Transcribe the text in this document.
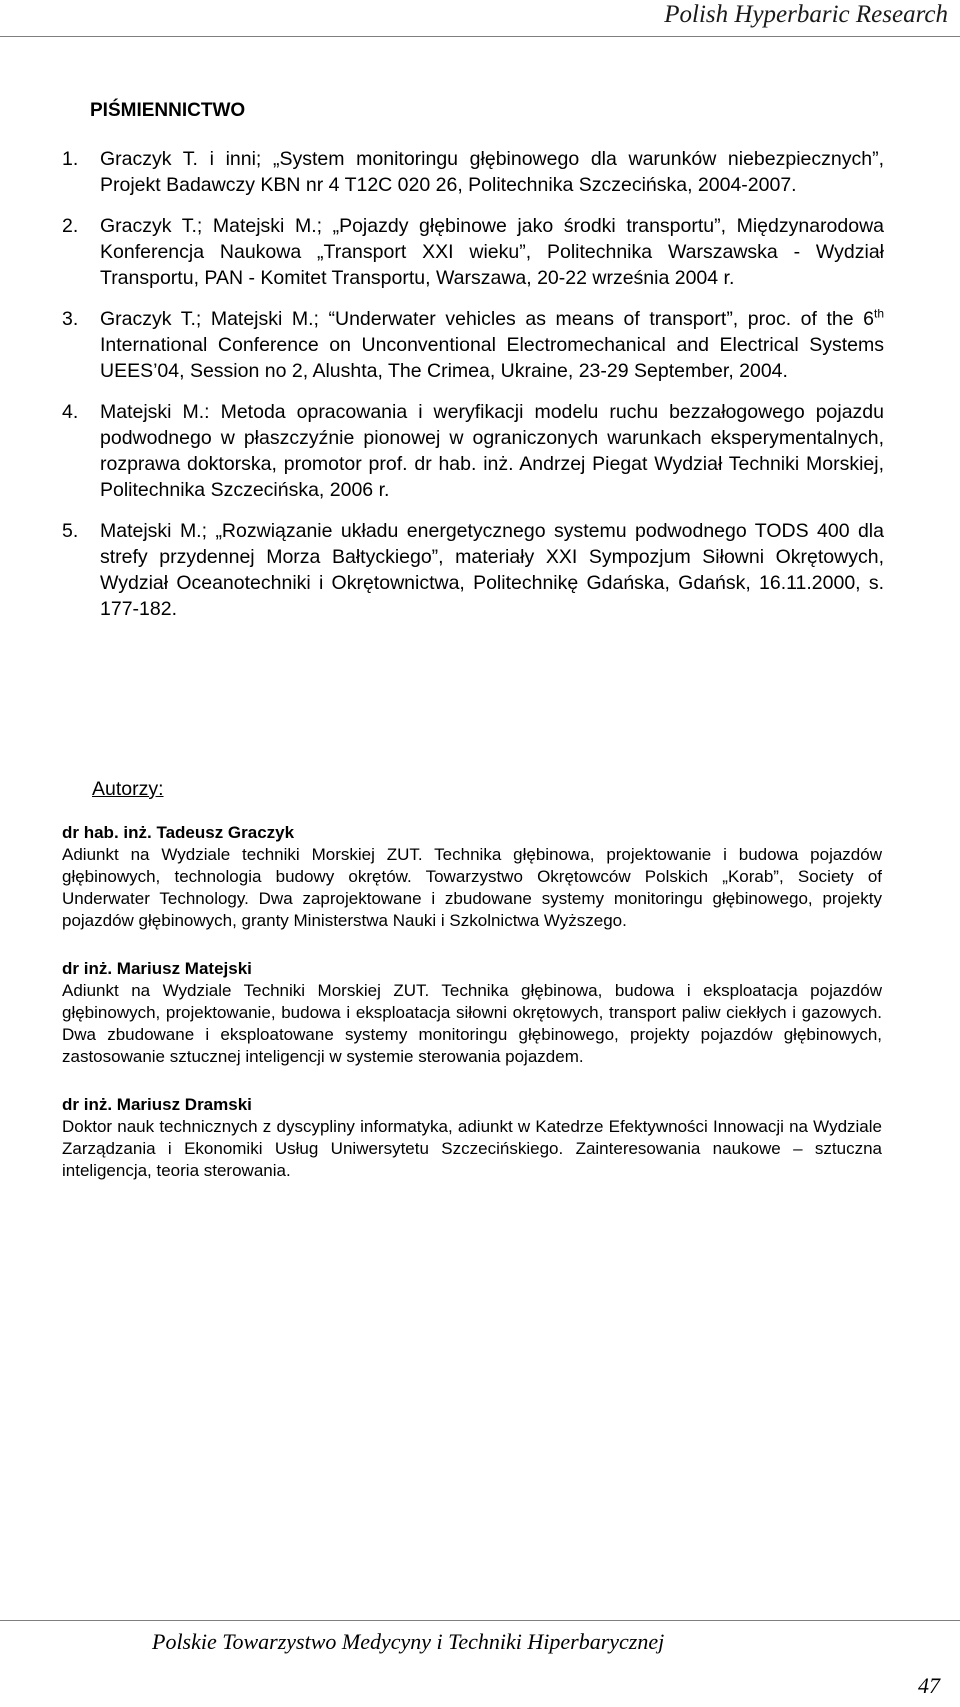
Polish Hyperbaric Research
PIŚMIENNICTWO
1.	Graczyk T. i inni; „System monitoringu głębinowego dla warunków niebezpiecznych”, Projekt Badawczy KBN nr 4 T12C 020 26, Politechnika Szczecińska, 2004-2007.
2.	Graczyk T.; Matejski M.; „Pojazdy głębinowe jako środki transportu”, Międzynarodowa Konferencja Naukowa „Transport XXI wieku”, Politechnika Warszawska - Wydział Transportu, PAN - Komitet Transportu, Warszawa, 20-22 września 2004 r.
3.	Graczyk T.; Matejski M.; “Underwater vehicles as means of transport”, proc. of the 6th International Conference on Unconventional Electromechanical and Electrical Systems UEES’04, Session no 2, Alushta, The Crimea, Ukraine, 23-29 September, 2004.
4.	Matejski M.: Metoda opracowania i weryfikacji modelu ruchu bezzałogowego pojazdu podwodnego w płaszczyźnie pionowej w ograniczonych warunkach eksperymentalnych, rozprawa doktorska, promotor prof. dr hab. inż. Andrzej Piegat Wydział Techniki Morskiej, Politechnika Szczecińska, 2006 r.
5.	Matejski M.; „Rozwiązanie układu energetycznego systemu podwodnego TODS 400 dla strefy przydennej Morza Bałtyckiego”, materiały XXI Sympozjum Siłowni Okrętowych, Wydział Oceanotechniki i Okrętownictwa, Politechnikę Gdańska, Gdańsk, 16.11.2000, s. 177-182.
Autorzy:
dr hab. inż. Tadeusz Graczyk
Adiunkt na Wydziale techniki Morskiej ZUT. Technika głębinowa, projektowanie i budowa pojazdów głębinowych, technologia budowy okrętów. Towarzystwo Okrętowców Polskich „Korab”, Society of Underwater Technology. Dwa zaprojektowane i zbudowane systemy monitoringu głębinowego, projekty pojazdów głębinowych, granty Ministerstwa Nauki i Szkolnictwa Wyższego.
dr inż. Mariusz Matejski
Adiunkt na Wydziale Techniki Morskiej ZUT. Technika głębinowa, budowa i eksploatacja pojazdów głębinowych, projektowanie, budowa i eksploatacja siłowni okrętowych, transport paliw ciekłych i gazowych. Dwa zbudowane i eksploatowane systemy monitoringu głębinowego, projekty pojazdów głębinowych, zastosowanie sztucznej inteligencji w systemie sterowania pojazdem.
dr inż. Mariusz Dramski
Doktor nauk technicznych z dyscypliny informatyka, adiunkt w Katedrze Efektywności Innowacji na Wydziale Zarządzania i Ekonomiki Usług Uniwersytetu Szczecińskiego. Zainteresowania naukowe – sztuczna inteligencja, teoria sterowania.
Polskie Towarzystwo Medycyny i Techniki Hiperbarycznej
47
